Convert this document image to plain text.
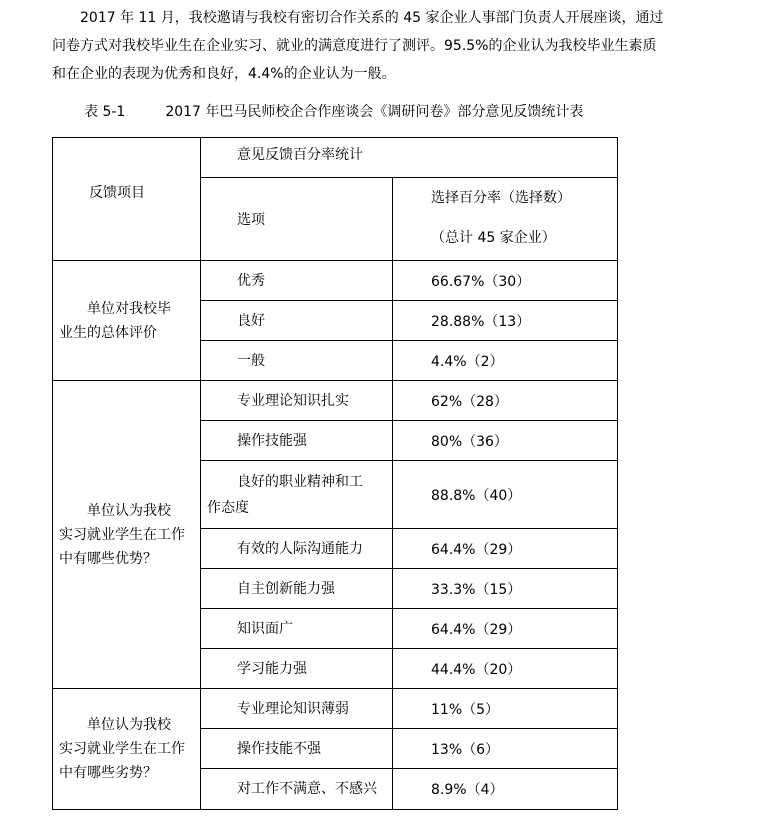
2017 年 11 月，我校邀请与我校有密切合作关系的 45 家企业人事部门负责人开展座谈，通过
问卷方式对我校毕业生在企业实习、就业的满意度进行了测评。95.5%的企业认为我校毕业生素质
和在企业的表现为优秀和良好，4.4%的企业认为一般。

表 5-1	2017 年巴马民师校企合作座谈会《调研问卷》部分意见反馈统计表

反馈项目	意见反馈百分率统计	
	选项	选择百分率（选择数）
（总计 45 家企业）

单位对我校毕
业生的总体评价	优秀	66.67%（30）
	良好	28.88%（13）
	一般	4.4%（2）

单位认为我校
实习就业学生在工作中有哪些优势？	专业理论知识扎实	62%（28）
	操作技能强	80%（36）
	良好的职业精神和工
作态度	88.8%（40）
	有效的人际沟通能力	64.4%（29）
	自主创新能力强	33.3%（15）
	知识面广	64.4%（29）
	学习能力强	44.4%（20）

单位认为我校
实习就业学生在工作中有哪些劣势？	专业理论知识薄弱	11%（5）
	操作技能不强	13%（6）
	对工作不满意、不感兴	8.9%（4）
